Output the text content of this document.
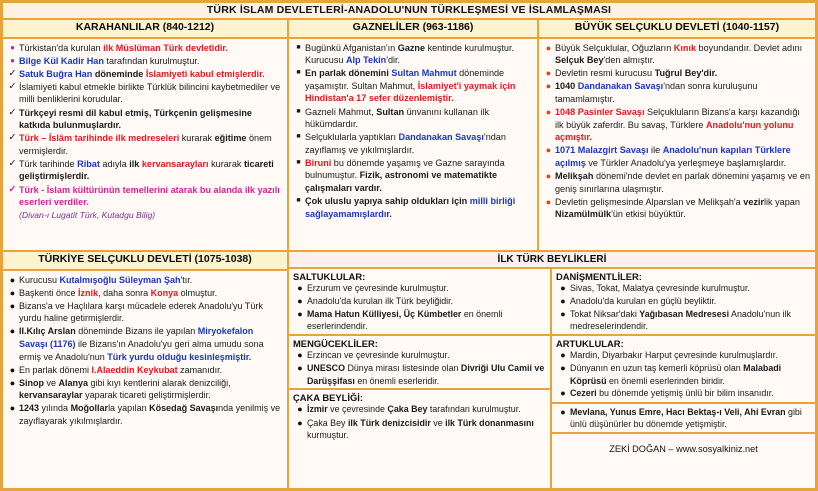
TÜRK İSLAM DEVLETLERİ-ANADOLU'NUN TÜRKLEŞMESİ VE İSLAMLAŞMASI
KARAHANLILAR (840-1212)
● Türkistan'da kurulan ilk Müslüman Türk devletidir.
● Bilge Kül Kadir Han tarafından kurulmuştur.
✓ Satuk Buğra Han döneminde İslamiyeti kabul etmişlerdir.
✓ İslamiyeti kabul etmekle birlikte Türklük bilincini kaybetmediler ve milli benliklerini korudular.
✓ Türkçeyi resmi dil kabul etmiş, Türkçenin gelişmesine katkıda bulunmuşlardır.
✓ Türk – İslâm tarihinde ilk medreseleri kurarak eğitime önem vermişlerdir.
✓ Türk tarihinde Ribat adıyla ilk kervansarayları kurarak ticareti geliştirmişlerdir.
✓ Türk - İslam kültürünün temellerini atarak bu alanda ilk yazılı eserleri verdiler.

(Divan-ı Lugatit Türk, Kutadgu Bilig)
GAZNELİLER (963-1186)
■ Bugünkü Afganistan'ın Gazne kentinde kurulmuştur. Kurucusu Alp Tekin'dir.
■ En parlak dönemini Sultan Mahmut döneminde yaşamıştır. Sultan Mahmut, İslamiyet'i yaymak için Hindistan'a 17 sefer düzenlemiştir.
■ Gazneli Mahmut, Sultan ünvanını kullanan ilk hükümdardır.
■ Selçuklularla yaptıkları Dandanakan Savaşı'ndan zayıflamış ve yıkılmışlardır.
■ Biruni bu dönemde yaşamış ve Gazne sarayında bulnumuştur. Fizik, astronomi ve matematikte çalışmaları vardır.
■ Çok uluslu yapıya sahip oldukları için milli birliği sağlayamamışlardır.
BÜYÜK SELÇUKLU DEVLETİ (1040-1157)
● Büyük Selçuklular, Oğuzların Kınık boyundandır. Devlet adını Selçuk Bey'den almıştır.
● Devletin resmi kurucusu Tuğrul Bey'dir.
● 1040 Dandanakan Savaşı'ndan sonra kuruluşunu tamamlamıştır.
● 1048 Pasinler Savaşı Selçukluların Bizans'a karşı kazandığı ilk büyük zaferdir. Bu savaş, Türklere Anadolu'nun yolunu açmıştır.
● 1071 Malazgirt Savaşı ile Anadolu'nun kapıları Türklere açılmış ve Türkler Anadolu'ya yerleşmeye başlamışlardır.
● Melikşah dönemi'nde devlet en parlak dönemini yaşamış ve en geniş sınırlarına ulaşmıştır.
● Devletin gelişmesinde Alparslan ve Melikşah'a vezirlik yapan Nizamülmülk'ün etkisi büyüktür.
TÜRKİYE SELÇUKLU DEVLETİ (1075-1038)
● Kurucusu Kutalmışoğlu Süleyman Şah'tır.
● Başkenti önce İznik, daha sonra Konya olmuştur.
● Bizans'a ve Haçlılara karşı mücadele ederek Anadolu'yu Türk yurdu haline getirmişlerdir.
● II.Kılıç Arslan döneminde Bizans ile yapılan Miryokefalon Savaşı (1176) ile Bizans'ın Anadolu'yu geri alma umudu sona ermiş ve Anadolu'nun Türk yurdu olduğu kesinleşmiştir.
● En parlak dönemi I.Alaeddin Keykubat zamanıdır.
● Sinop ve Alanya gibi kıyı kentlerini alarak denizciliği, kervansaraylar yaparak ticareti geliştirmişlerdir.
● 1243 yılında Moğollarla yapılan Kösedağ Savaşında yenilmiş ve zayıflayarak yıkılmışlardır.
İLK TÜRK BEYLİKLERİ
SALTUKLULAR:
● Erzurum ve çevresinde kurulmuştur.
● Anadolu'da kurulan ilk Türk beyliğidir.
● Mama Hatun Külliyesi, Üç Kümbetler en önemli eserlerindendir.
MENGÜCEKLİLER:
● Erzincan ve çevresinde kurulmuştur.
● UNESCO Dünya mirası listesinde olan Divriği Ulu Camii ve Darüşşifası en önemli eserleridir.
ÇAKA BEYLİĞİ:
● İzmir ve çevresinde Çaka Bey tarafından kurulmuştur.
● Çaka Bey ilk Türk denizcisidir ve ilk Türk donanmasını kurmuştur.
DANİŞMENTLİLER:
● Sivas, Tokat, Malatya çevresinde kurulmuştur.
● Anadolu'da kurulan en güçlü beyliktir.
● Tokat Niksar'daki Yağıbasan Medresesi Anadolu'nun ilk medreselerindendir.
ARTUKLULAR:
● Mardin, Diyarbakır Harput çevresinde kurulmuşlardır.
● Dünyanın en uzun taş kemerli köprüsü olan Malabadi Köprüsü en önemli eserlerinden biridir.
● Cezeri bu dönemde yetişmiş ünlü bir bilim insanıdır.
● Mevlana, Yunus Emre, Hacı Bektaş-ı Veli, Ahi Evran gibi ünlü düşünürler bu dönemde yetişmiştir.
ZEKİ DOĞAN – www.sosyalkiniz.net
